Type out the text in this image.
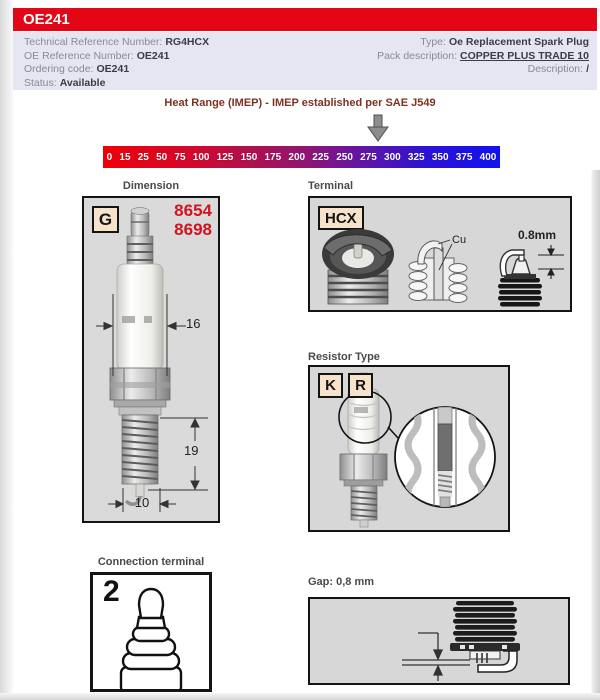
OE241
Technical Reference Number: RG4HCX
OE Reference Number: OE241
Ordering code: OE241
Status: Available
Type: Oe Replacement Spark Plug
Pack description: COPPER PLUS TRADE 10
Description: /
Heat Range (IMEP) - IMEP established per SAE J549
0 15 25 50 75 100 125 150 175 200 225 250 275 300 325 350 375 400
Dimension
G	8654
8698
16
19
10
Terminal
HCX
Cu	0.8mm
Resistor Type
K	R
Connection terminal
2	Gap: 0,8 mm
